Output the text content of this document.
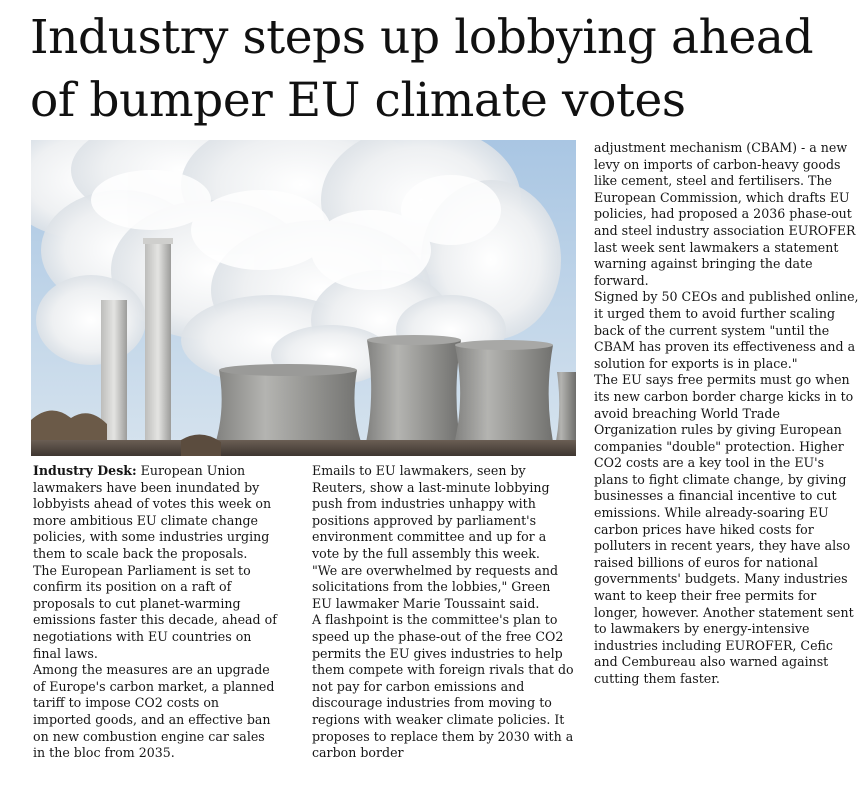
Industry steps up lobbying ahead of bumper EU climate votes

Industry Desk: European Union lawmakers have been inundated by lobbyists ahead of votes this week on more ambitious EU climate change policies, with some industries urging them to scale back the proposals.

The European Parliament is set to confirm its position on a raft of proposals to cut planet-warming emissions faster this decade, ahead of negotiations with EU countries on final laws.

Among the measures are an upgrade of Europe's carbon market, a planned tariff to impose CO2 costs on imported goods, and an effective ban on new combustion engine car sales in the bloc from 2035.

Emails to EU lawmakers, seen by Reuters, show a last-minute lobbying push from industries unhappy with positions approved by parliament's environment committee and up for a vote by the full assembly this week.

"We are overwhelmed by requests and solicitations from the lobbies," Green EU lawmaker Marie Toussaint said.

A flashpoint is the committee's plan to speed up the phase-out of the free CO2 permits the EU gives industries to help them compete with foreign rivals that do not pay for carbon emissions and discourage industries from moving to regions with weaker climate policies. It proposes to replace them by 2030 with a carbon border

adjustment mechanism (CBAM) - a new levy on imports of carbon-heavy goods like cement, steel and fertilisers. The European Commission, which drafts EU policies, had proposed a 2036 phase-out and steel industry association EUROFER last week sent lawmakers a statement warning against bringing the date forward.

Signed by 50 CEOs and published online, it urged them to avoid further scaling back of the current system "until the CBAM has proven its effectiveness and a solution for exports is in place."

The EU says free permits must go when its new carbon border charge kicks in to avoid breaching World Trade Organization rules by giving European companies "double" protection. Higher CO2 costs are a key tool in the EU's plans to fight climate change, by giving businesses a financial incentive to cut emissions. While already-soaring EU carbon prices have hiked costs for polluters in recent years, they have also raised billions of euros for national governments' budgets. Many industries want to keep their free permits for longer, however. Another statement sent to lawmakers by energy-intensive industries including EUROFER, Cefic and Cembureau also warned against cutting them faster.
